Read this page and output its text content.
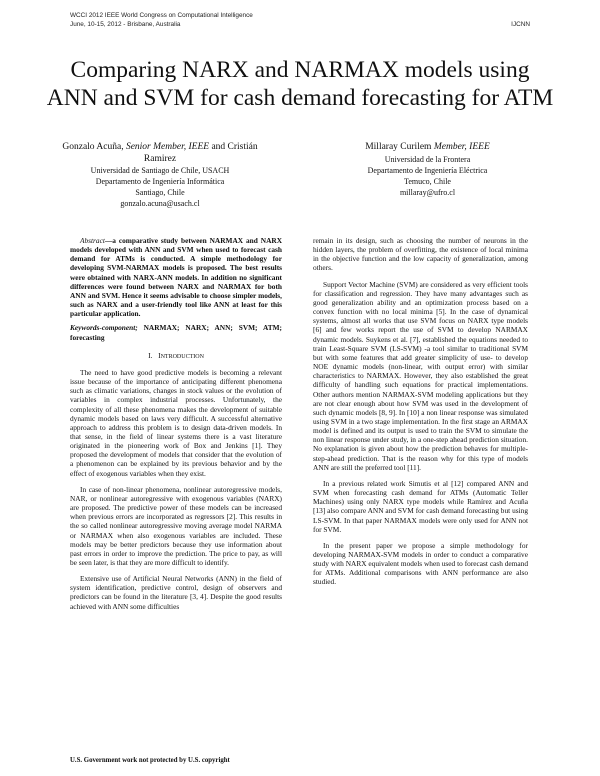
WCCI 2012 IEEE World Congress on Computational Intelligence
June, 10-15, 2012 - Brisbane, Australia	IJCNN
Comparing NARX and NARMAX models using
ANN and SVM for cash demand forecasting for ATM
Gonzalo Acuña, Senior Member, IEEE and Cristián
Ramirez
Universidad de Santiago de Chile, USACH
Departamento de Ingeniería Informática
Santiago, Chile
gonzalo.acuna@usach.cl
Millaray Curilem Member, IEEE
Universidad de la Frontera
Departamento de Ingeniería Eléctrica
Temuco, Chile
millaray@ufro.cl

Abstract—a comparative study between NARMAX and NARX models developed with ANN and SVM when used to forecast cash demand for ATMs is conducted. A simple methodology for developing SVM-NARMAX models is proposed. The best results were obtained with NARX-ANN models. In addition no significant differences were found between NARX and NARMAX for both ANN and SVM. Hence it seems advisable to choose simpler models, such as NARX and a user-friendly tool like ANN at least for this particular application.

Keywords-component; NARMAX; NARX; ANN; SVM; ATM; forecasting

I. INTRODUCTION

The need to have good predictive models is becoming a relevant issue because of the importance of anticipating different phenomena such as climatic variations, changes in stock values or the evolution of variables in complex industrial processes. Unfortunately, the complexity of all these phenomena makes the development of suitable dynamic models based on laws very difficult. A successful alternative approach to address this problem is to design data-driven models. In that sense, in the field of linear systems there is a vast literature originated in the pioneering work of Box and Jenkins [1]. They proposed the development of models that consider that the evolution of a phenomenon can be explained by its previous behavior and by the effect of exogenous variables when they exist.

In case of non-linear phenomena, nonlinear autoregressive models, NAR, or nonlinear autoregressive with exogenous variables (NARX) are proposed. The predictive power of these models can be increased when previous errors are incorporated as regressors [2]. This results in the so called nonlinear autoregressive moving average model NARMA or NARMAX when also exogenous variables are included. These models may be better predictors because they use information about past errors in order to improve the prediction. The price to pay, as will be seen later, is that they are more difficult to identify.

Extensive use of Artificial Neural Networks (ANN) in the field of system identification, predictive control, design of observers and predictors can be found in the literature [3, 4]. Despite the good results achieved with ANN some difficulties

remain in its design, such as choosing the number of neurons in the hidden layers, the problem of overfitting, the existence of local minima in the objective function and the low capacity of generalization, among others.

Support Vector Machine (SVM) are considered as very efficient tools for classification and regression. They have many advantages such as good generalization ability and an optimization process based on a convex function with no local minima [5]. In the case of dynamical systems, almost all works that use SVM focus on NARX type models [6] and few works report the use of SVM to develop NARMAX dynamic models. Suykens et al. [7], established the equations needed to train Least-Square SVM (LS-SVM) -a tool similar to traditional SVM but with some features that add greater simplicity of use- to develop NOE dynamic models (non-linear, with output error) with similar characteristics to NARMAX. However, they also established the great difficulty of handling such equations for practical implementations. Other authors mention NARMAX-SVM modeling applications but they are not clear enough about how SVM was used in the development of such dynamic models [8, 9]. In [10] a non linear response was simulated using SVM in a two stage implementation. In the first stage an ARMAX model is defined and its output is used to train the SVM to simulate the non linear response under study, in a one-step ahead prediction situation. No explanation is given about how the prediction behaves for multiple-step-ahead prediction. That is the reason why for this type of models ANN are still the preferred tool [11].

In a previous related work Simutis et al [12] compared ANN and SVM when forecasting cash demand for ATMs (Automatic Teller Machines) using only NARX type models while Ramírez and Acuña [13] also compare ANN and SVM for cash demand forecasting but using LS-SVM. In that paper NARMAX models were only used for ANN not for SVM.

In the present paper we propose a simple methodology for developing NARMAX-SVM models in order to conduct a comparative study with NARX equivalent models when used to forecast cash demand for ATMs. Additional comparisons with ANN performance are also studied.

U.S. Government work not protected by U.S. copyright
